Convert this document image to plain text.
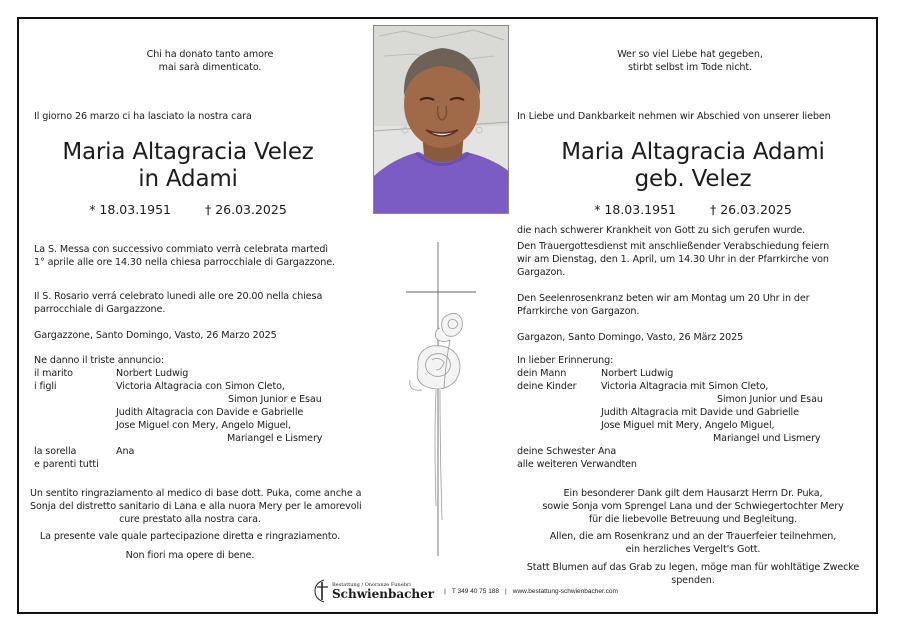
Chi ha donato tanto amore
mai sarà dimenticato.
Il giorno 26 marzo ci ha lasciato la nostra cara
Maria Altagracia Velez
in Adami
* 18.03.1951	† 26.03.2025
La S. Messa con successivo commiato verrà celebrata martedì
1° aprile alle ore 14.30 nella chiesa parrocchiale di Gargazzone.
Il S. Rosario verrá celebrato lunedi alle ore 20.00 nella chiesa
parrocchiale di Gargazzone.
Gargazzone, Santo Domingo, Vasto, 26 Marzo 2025
Ne danno il triste annuncio:
il marito	Norbert Ludwig
i figli	Victoria Altagracia con Simon Cleto,
Simon Junior e Esau
Judith Altagracia con Davide e Gabrielle
Jose Miguel con Mery, Angelo Miguel,
Mariangel e Lismery
la sorella	Ana
e parenti tutti
Un sentito ringraziamento al medico di base dott. Puka, come anche a
Sonja del distretto sanitario di Lana e alla nuora Mery per le amorevoli
cure prestato alla nostra cara.
La presente vale quale partecipazione diretta e ringraziamento.
Non fiori ma opere di bene.
Wer so viel Liebe hat gegeben,
stirbt selbst im Tode nicht.
In Liebe und Dankbarkeit nehmen wir Abschied von unserer lieben
Maria Altagracia Adami
geb. Velez
* 18.03.1951	† 26.03.2025
die nach schwerer Krankheit von Gott zu sich gerufen wurde.
Den Trauergottesdienst mit anschließender Verabschiedung feiern
wir am Dienstag, den 1. April, um 14.30 Uhr in der Pfarrkirche von
Gargazon.
Den Seelenrosenkranz beten wir am Montag um 20 Uhr in der
Pfarrkirche von Gargazon.
Gargazon, Santo Domingo, Vasto, 26 März 2025
In lieber Erinnerung:
dein Mann	Norbert Ludwig
deine Kinder	Victoria Altagracia mit Simon Cleto,
Simon Junior und Esau
Judith Altagracia mit Davide und Gabrielle
Jose Miguel mit Mery, Angelo Miguel,
Mariangel und Lismery
deine Schwester Ana
alle weiteren Verwandten
Ein besonderer Dank gilt dem Hausarzt Herrn Dr. Puka,
sowie Sonja vom Sprengel Lana und der Schwiegertochter Mery
für die liebevolle Betreuung und Begleitung.
Allen, die am Rosenkranz und an der Trauerfeier teilnehmen,
ein herzliches Vergelt's Gott.
Statt Blumen auf das Grab zu legen, möge man für wohltätige Zwecke
spenden.
Bestattung / Onoranze Funebri
Schwienbacher | T 349 40 75 188 | www.bestattung-schwienbacher.com
